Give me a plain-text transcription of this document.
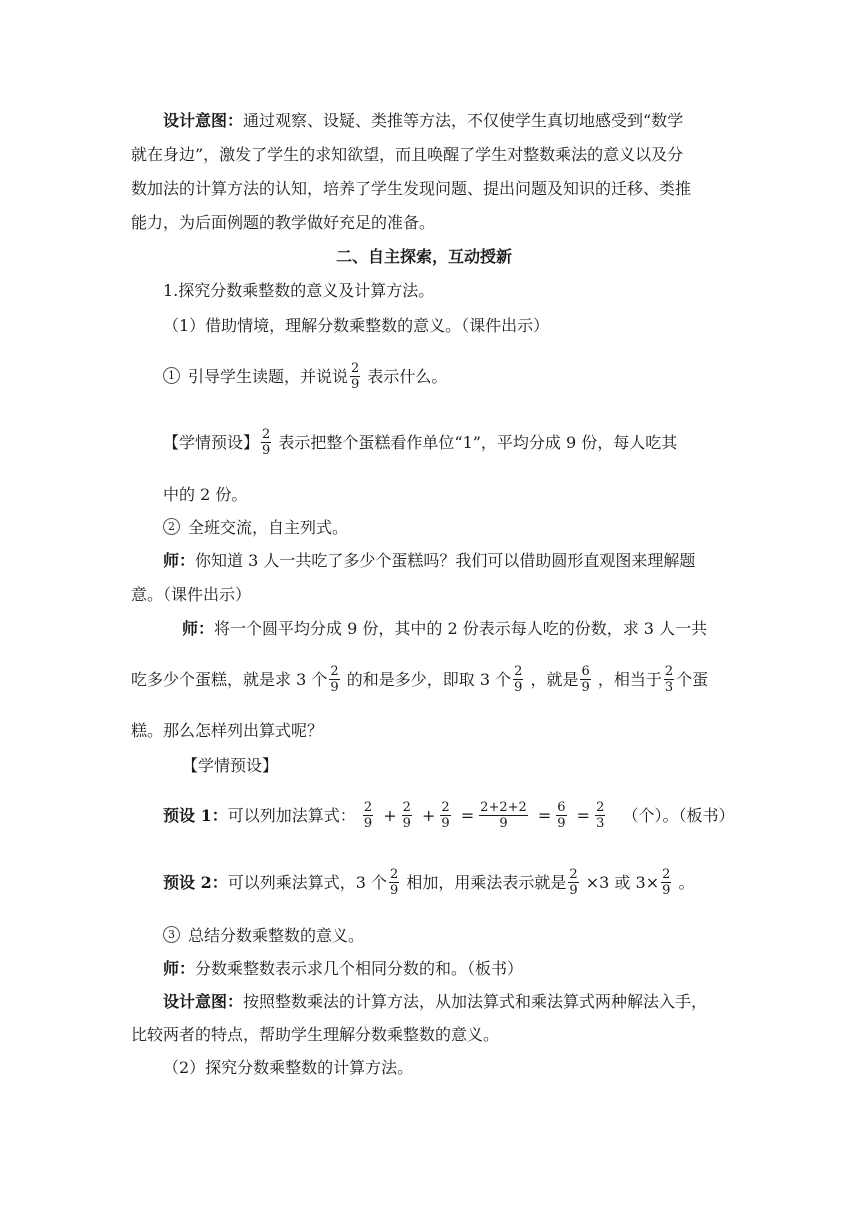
设计意图：通过观察、设疑、类推等方法，不仅使学生真切地感受到“数学
就在身边”，激发了学生的求知欲望，而且唤醒了学生对整数乘法的意义以及分
数加法的计算方法的认知，培养了学生发现问题、提出问题及知识的迁移、类推
能力，为后面例题的教学做好充足的准备。
二、自主探索，互动授新
1.探究分数乘整数的意义及计算方法。
（1）借助情境，理解分数乘整数的意义。（课件出示）
1 引导学生读题，并说说 $\frac{2}{9}$ 表示什么。
【学情预设】 $\frac{2}{9}$ 表示把整个蛋糕看作单位“1”，平均分成 9 份，每人吃其
中的 2 份。
2 全班交流，自主列式。
师：你知道 3 人一共吃了多少个蛋糕吗？我们可以借助圆形直观图来理解题
意。（课件出示）
师：将一个圆平均分成 9 份，其中的 2 份表示每人吃的份数，求 3 人一共
吃多少个蛋糕，就是求 3 个 $\frac{2}{9}$ 的和是多少，即取 3 个 $\frac{2}{9}$ ，就是 $\frac{6}{9}$ ，相当于 $\frac{2}{3}$ 个蛋
糕。那么怎样列出算式呢？
【学情预设】
预设 1：可以列加法算式： $\frac{2}{9} + \frac{2}{9} + \frac{2}{9} = \frac{2+2+2}{9} = \frac{6}{9} = \frac{2}{3}$ （个）。（板书）
预设 2：可以列乘法算式，3 个 $\frac{2}{9}$ 相加，用乘法表示就是 $\frac{2}{9} \times 3$ 或 $3\times \frac{2}{9}$ 。
3 总结分数乘整数的意义。
师：分数乘整数表示求几个相同分数的和。（板书）
设计意图：按照整数乘法的计算方法，从加法算式和乘法算式两种解法入手，
比较两者的特点，帮助学生理解分数乘整数的意义。
（2）探究分数乘整数的计算方法。
